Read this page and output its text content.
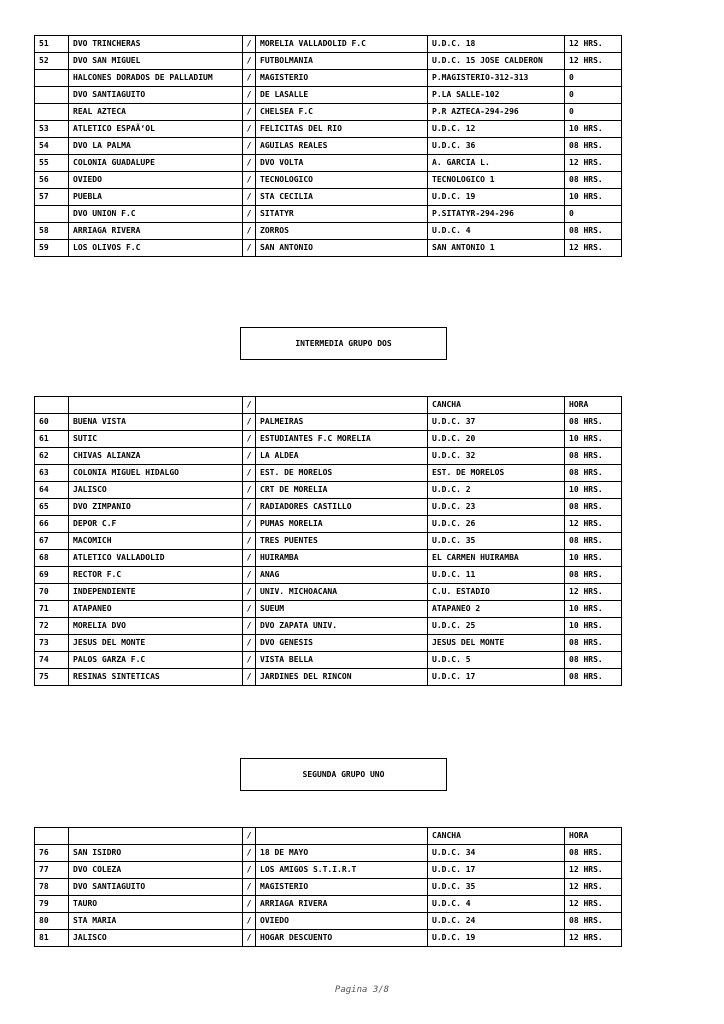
51	DVO TRINCHERAS	/	MORELIA VALLADOLID F.C	U.D.C. 18	12 HRS.
52	DVO SAN MIGUEL	/	FUTBOLMANIA	U.D.C. 15 JOSE CALDERON	12 HRS.
	HALCONES DORADOS DE PALLADIUM	/	MAGISTERIO	P.MAGISTERIO-312-313	0
	DVO SANTIAGUITO	/	DE LASALLE	P.LA SALLE-102	0
	REAL AZTECA	/	CHELSEA F.C	P.R AZTECA-294-296	0
53	ATLETICO ESPAÃ‘OL	/	FELICITAS DEL RIO	U.D.C. 12	10 HRS.
54	DVO LA PALMA	/	AGUILAS REALES	U.D.C. 36	08 HRS.
55	COLONIA GUADALUPE	/	DVO VOLTA	A. GARCIA L.	12 HRS.
56	OVIEDO	/	TECNOLOGICO	TECNOLOGICO 1	08 HRS.
57	PUEBLA	/	STA CECILIA	U.D.C. 19	10 HRS.
	DVO UNION F.C	/	SITATYR	P.SITATYR-294-296	0
58	ARRIAGA RIVERA	/	ZORROS	U.D.C. 4	08 HRS.
59	LOS OLIVOS F.C	/	SAN ANTONIO	SAN ANTONIO 1	12 HRS.
INTERMEDIA GRUPO DOS
		/		CANCHA	HORA
60	BUENA VISTA	/	PALMEIRAS	U.D.C. 37	08 HRS.
61	SUTIC	/	ESTUDIANTES F.C MORELIA	U.D.C. 20	10 HRS.
62	CHIVAS ALIANZA	/	LA ALDEA	U.D.C. 32	08 HRS.
63	COLONIA MIGUEL HIDALGO	/	EST. DE MORELOS	EST. DE MORELOS	08 HRS.
64	JALISCO	/	CRT DE MORELIA	U.D.C. 2	10 HRS.
65	DVO ZIMPANIO	/	RADIADORES CASTILLO	U.D.C. 23	08 HRS.
66	DEPOR C.F	/	PUMAS MORELIA	U.D.C. 26	12 HRS.
67	MACOMICH	/	TRES PUENTES	U.D.C. 35	08 HRS.
68	ATLETICO VALLADOLID	/	HUIRAMBA	EL CARMEN HUIRAMBA	10 HRS.
69	RECTOR F.C	/	ANAG	U.D.C. 11	08 HRS.
70	INDEPENDIENTE	/	UNIV. MICHOACANA	C.U. ESTADIO	12 HRS.
71	ATAPANEO	/	SUEUM	ATAPANEO 2	10 HRS.
72	MORELIA DVO	/	DVO ZAPATA UNIV.	U.D.C. 25	10 HRS.
73	JESUS DEL MONTE	/	DVO GENESIS	JESUS DEL MONTE	08 HRS.
74	PALOS GARZA F.C	/	VISTA BELLA	U.D.C. 5	08 HRS.
75	RESINAS SINTETICAS	/	JARDINES DEL RINCON	U.D.C. 17	08 HRS.
SEGUNDA GRUPO UNO
		/		CANCHA	HORA
76	SAN ISIDRO	/	18 DE MAYO	U.D.C. 34	08 HRS.
77	DVO COLEZA	/	LOS AMIGOS S.T.I.R.T	U.D.C. 17	12 HRS.
78	DVO SANTIAGUITO	/	MAGISTERIO	U.D.C. 35	12 HRS.
79	TAURO	/	ARRIAGA RIVERA	U.D.C. 4	12 HRS.
80	STA MARIA	/	OVIEDO	U.D.C. 24	08 HRS.
81	JALISCO	/	HOGAR DESCUENTO	U.D.C. 19	12 HRS.
Pagina 3/8
